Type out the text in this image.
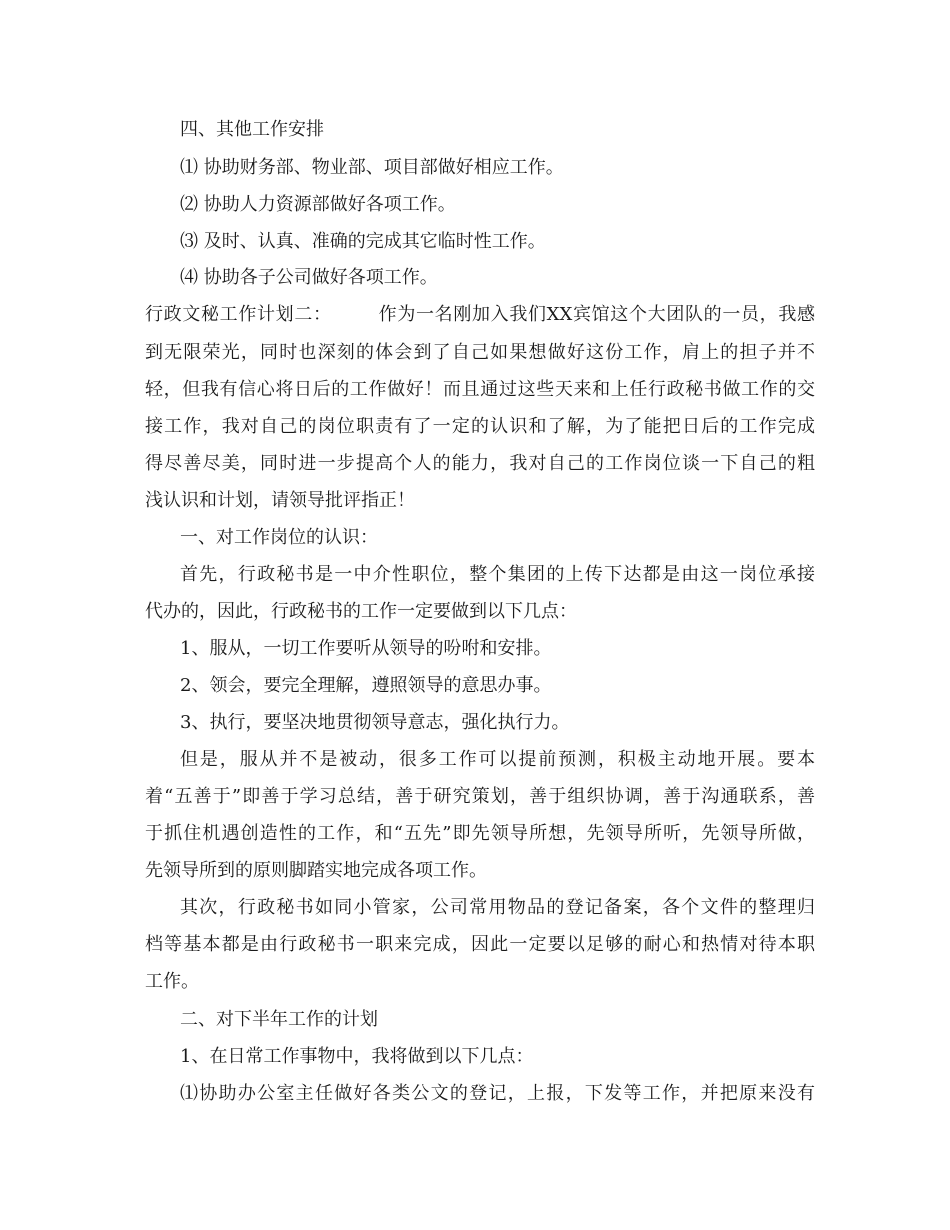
四、其他工作安排
⑴ 协助财务部、物业部、项目部做好相应工作。
⑵ 协助人力资源部做好各项工作。
⑶ 及时、认真、准确的完成其它临时性工作。
⑷ 协助各子公司做好各项工作。
行政文秘工作计划二：　　　作为一名刚加入我们XX宾馆这个大团队的一员，我感
到无限荣光，同时也深刻的体会到了自己如果想做好这份工作，肩上的担子并不
轻，但我有信心将日后的工作做好！而且通过这些天来和上任行政秘书做工作的交
接工作，我对自己的岗位职责有了一定的认识和了解，为了能把日后的工作完成
得尽善尽美，同时进一步提高个人的能力，我对自己的工作岗位谈一下自己的粗
浅认识和计划，请领导批评指正！
一、对工作岗位的认识：
首先，行政秘书是一中介性职位，整个集团的上传下达都是由这一岗位承接
代办的，因此，行政秘书的工作一定要做到以下几点：
1、服从，一切工作要听从领导的吩咐和安排。
2、领会，要完全理解，遵照领导的意思办事。
3、执行，要坚决地贯彻领导意志，强化执行力。
但是，服从并不是被动，很多工作可以提前预测，积极主动地开展。要本
着“五善于”即善于学习总结，善于研究策划，善于组织协调，善于沟通联系，善
于抓住机遇创造性的工作，和“五先”即先领导所想，先领导所听，先领导所做，
先领导所到的原则脚踏实地完成各项工作。
其次，行政秘书如同小管家，公司常用物品的登记备案，各个文件的整理归
档等基本都是由行政秘书一职来完成，因此一定要以足够的耐心和热情对待本职
工作。
二、对下半年工作的计划
1、在日常工作事物中，我将做到以下几点：
⑴协助办公室主任做好各类公文的登记，上报，下发等工作，并把原来没有
